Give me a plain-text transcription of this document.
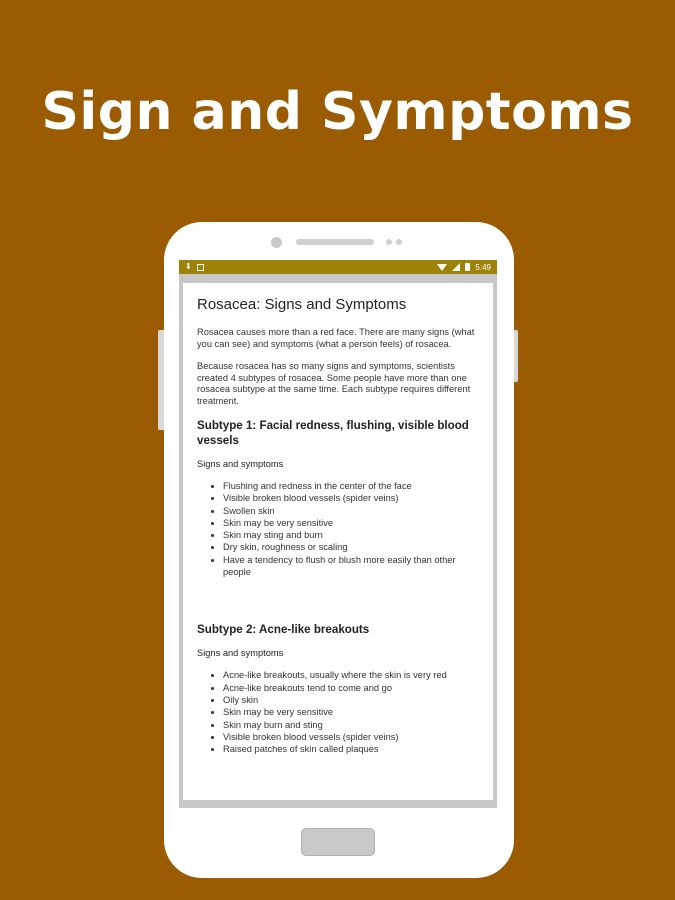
Sign and Symptoms
⬇	5:49
Rosacea: Signs and Symptoms

Rosacea causes more than a red face. There are many signs (what you can see) and symptoms (what a person feels) of rosacea.

Because rosacea has so many signs and symptoms, scientists created 4 subtypes of rosacea. Some people have more than one rosacea subtype at the same time. Each subtype requires different treatment.

Subtype 1: Facial redness, flushing, visible blood vessels
Signs and symptoms
• Flushing and redness in the center of the face
• Visible broken blood vessels (spider veins)
• Swollen skin
• Skin may be very sensitive
• Skin may sting and burn
• Dry skin, roughness or scaling
• Have a tendency to flush or blush more easily than other people
Subtype 2: Acne-like breakouts
Signs and symptoms
• Acne-like breakouts, usually where the skin is very red
• Acne-like breakouts tend to come and go
• Oily skin
• Skin may be very sensitive
• Skin may burn and sting
• Visible broken blood vessels (spider veins)
• Raised patches of skin called plaques
